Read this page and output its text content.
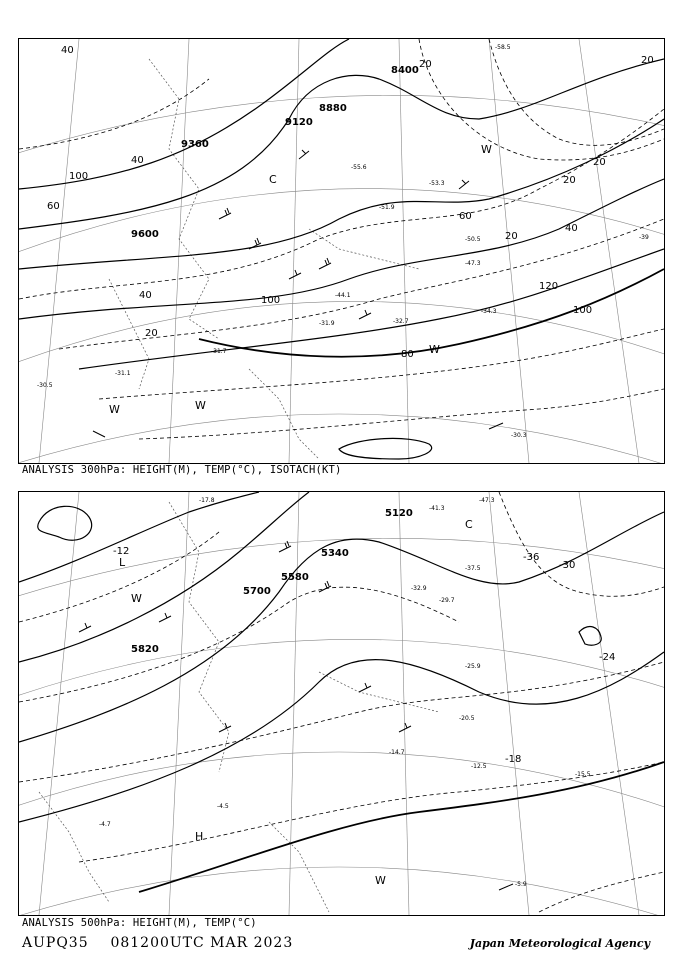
8400
8880
9120
9360
9600
40
20	20
40
100
60
40
20
100
80
60
20
120
100
40
20
20
-58.5
-55.6
-53.3
-51.9
-50.5
-47.3
-44.1
-39
-34.3
-32.7
-31.9
-31.7
-31.1
-30.5
-30.3
C
W
W	W
W
ANALYSIS 300hPa: HEIGHT(M), TEMP(°C), ISOTACH(KT)
5120
5340
5580
5700
5820
-12
-18
-24
-30
-36
-47.3
-41.3
-37.5
-32.9
-29.7
-25.9
-20.5
-17.8
-14.7
-12.5
-15.5
-5.9
-4.5
-4.7
L
H
W
W
C
ANALYSIS 500hPa: HEIGHT(M), TEMP(°C)
AUPQ35 081200UTC MAR 2023	Japan Meteorological Agency
